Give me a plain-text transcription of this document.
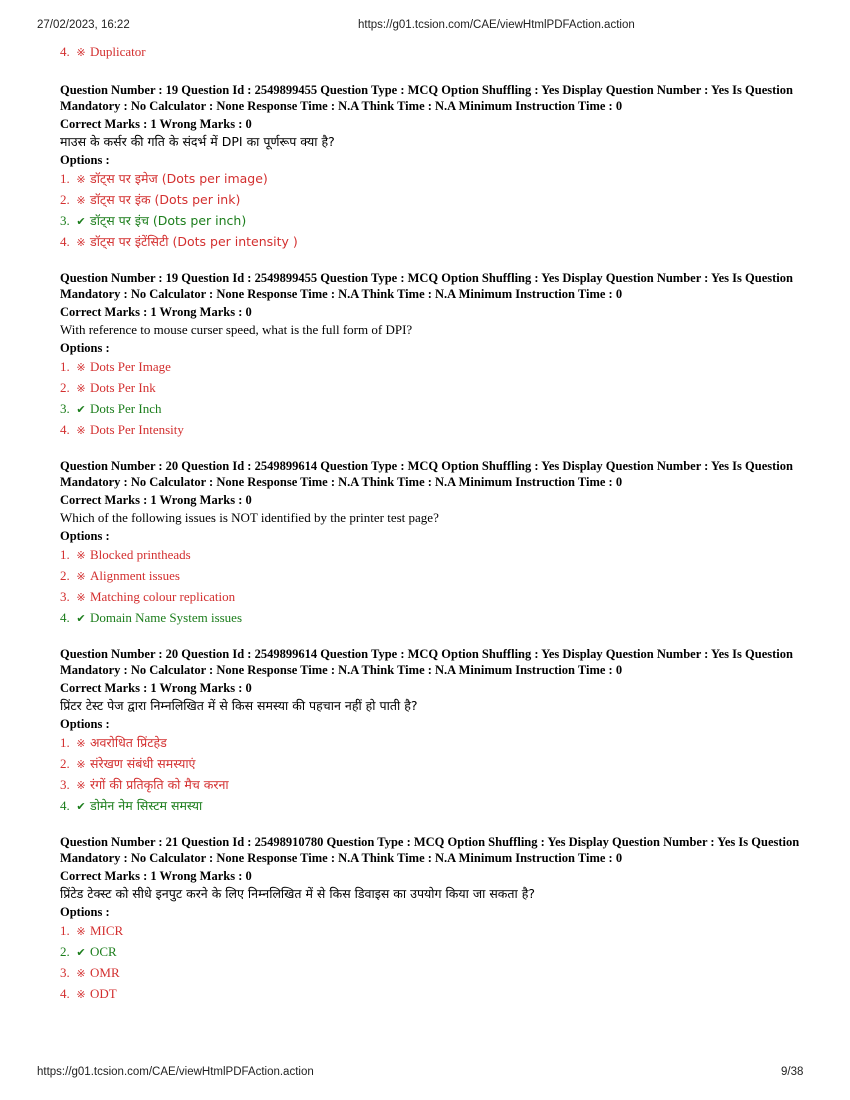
27/02/2023, 16:22	https://g01.tcsion.com/CAE/viewHtmlPDFAction.action
4. ※ Duplicator
Question Number : 19 Question Id : 2549899455 Question Type : MCQ Option Shuffling : Yes Display Question Number : Yes Is Question Mandatory : No Calculator : None Response Time : N.A Think Time : N.A Minimum Instruction Time : 0
Correct Marks : 1 Wrong Marks : 0
माउस के कर्सर की गति के संदर्भ में DPI का पूर्णरूप क्या है?
Options :
1. ※ डॉट्स पर इमेज (Dots per image)
2. ※ डॉट्स पर इंक (Dots per ink)
3. ✔ डॉट्स पर इंच (Dots per inch)
4. ※ डॉट्स पर इंटेंसिटी (Dots per intensity )
Question Number : 19 Question Id : 2549899455 Question Type : MCQ Option Shuffling : Yes Display Question Number : Yes Is Question Mandatory : No Calculator : None Response Time : N.A Think Time : N.A Minimum Instruction Time : 0
Correct Marks : 1 Wrong Marks : 0
With reference to mouse curser speed, what is the full form of DPI?
Options :
1. ※ Dots Per Image
2. ※ Dots Per Ink
3. ✔ Dots Per Inch
4. ※ Dots Per Intensity
Question Number : 20 Question Id : 2549899614 Question Type : MCQ Option Shuffling : Yes Display Question Number : Yes Is Question Mandatory : No Calculator : None Response Time : N.A Think Time : N.A Minimum Instruction Time : 0
Correct Marks : 1 Wrong Marks : 0
Which of the following issues is NOT identified by the printer test page?
Options :
1. ※ Blocked printheads
2. ※ Alignment issues
3. ※ Matching colour replication
4. ✔ Domain Name System issues
Question Number : 20 Question Id : 2549899614 Question Type : MCQ Option Shuffling : Yes Display Question Number : Yes Is Question Mandatory : No Calculator : None Response Time : N.A Think Time : N.A Minimum Instruction Time : 0
Correct Marks : 1 Wrong Marks : 0
प्रिंटर टेस्ट पेज द्वारा निम्नलिखित में से किस समस्या की पहचान नहीं हो पाती है?
Options :
1. ※ अवरोधित प्रिंटहेड
2. ※ संरेखण संबंधी समस्याएं
3. ※ रंगों की प्रतिकृति को मैच करना
4. ✔ डोमेन नेम सिस्टम समस्या
Question Number : 21 Question Id : 25498910780 Question Type : MCQ Option Shuffling : Yes Display Question Number : Yes Is Question Mandatory : No Calculator : None Response Time : N.A Think Time : N.A Minimum Instruction Time : 0
Correct Marks : 1 Wrong Marks : 0
प्रिंटेड टेक्स्ट को सीधे इनपुट करने के लिए निम्नलिखित में से किस डिवाइस का उपयोग किया जा सकता है?
Options :
1. ※ MICR
2. ✔ OCR
3. ※ OMR
4. ※ ODT
https://g01.tcsion.com/CAE/viewHtmlPDFAction.action	9/38
